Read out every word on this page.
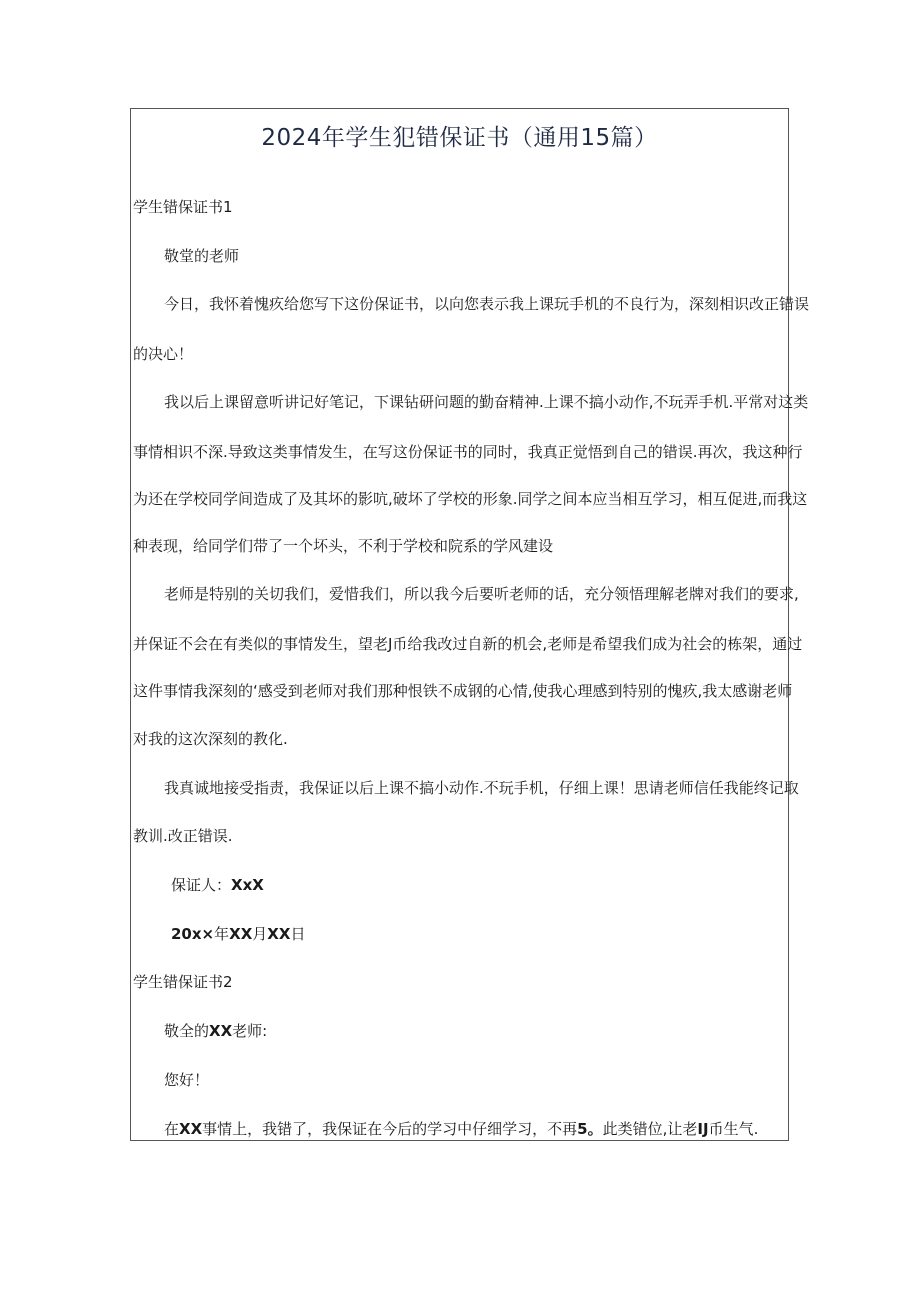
2024年学生犯错保证书（通用15篇）
学生错保证书1
敬堂的老师
今日，我怀着愧疚给您写下这份保证书，以向您表示我上课玩手机的不良行为，深刻相识改正错误
的决心！
我以后上课留意听讲记好笔记，下课钻研问题的勤奋精神.上课不搞小动作,不玩弄手机.平常对这类
事情相识不深.导致这类事情发生，在写这份保证书的同时，我真正觉悟到自己的错误.再次，我这种行
为还在学校同学间造成了及其坏的影吭,破坏了学校的形象.同学之间本应当相互学习，相互促进,而我这
种表现，给同学们带了一个坏头，不利于学校和院系的学风建设
老师是特别的关切我们，爱惜我们，所以我今后要听老师的话，充分领悟理解老牌对我们的要求,
并保证不会在有类似的事情发生，望老J币给我改过自新的机会,老师是希望我们成为社会的栋架，通过
这件事情我深刻的‘感受到老师对我们那种恨铁不成钢的心情,使我心理感到特别的愧疚,我太感谢老师
对我的这次深刻的教化.
我真诚地接受指责，我保证以后上课不搞小动作.不玩手机，仔细上课！思请老师信任我能终记取
教训.改正错误.
保证人：XxX
20x×年XX月XX日
学生错保证书2
敬全的XX老师:
您好！
在XX事情上，我错了，我保证在今后的学习中仔细学习，不再5。此类错位,让老IJ币生气.
